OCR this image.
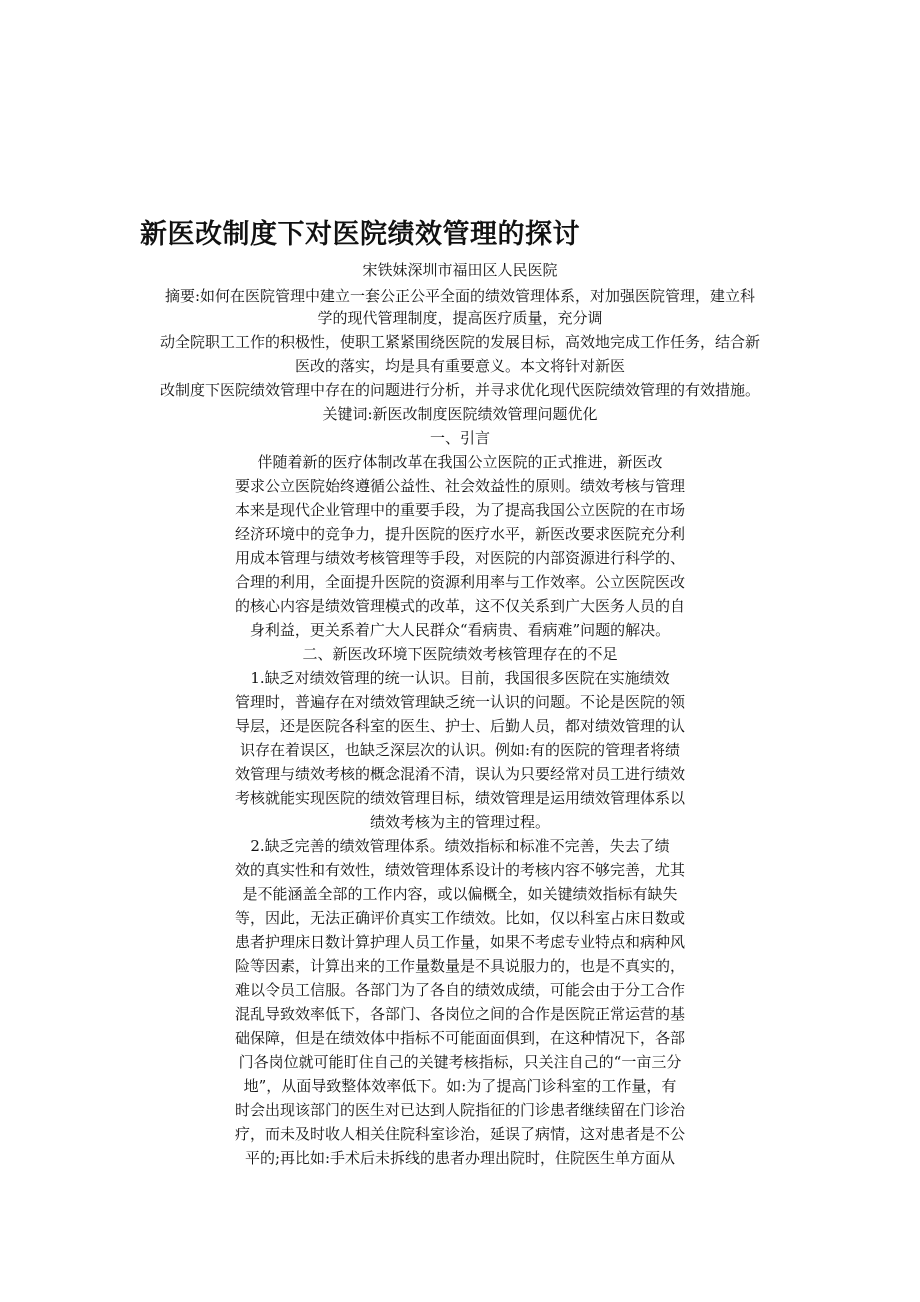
新医改制度下对医院绩效管理的探讨
宋铁妹深圳市福田区人民医院
摘要:如何在医院管理中建立一套公正公平全面的绩效管理体系，对加强医院管理，建立科
学的现代管理制度，提高医疗质量，充分调
动全院职工工作的积极性，使职工紧紧围绕医院的发展目标，高效地完成工作任务，结合新
医改的落实，均是具有重要意义。本文将针对新医
改制度下医院绩效管理中存在的问题进行分析，并寻求优化现代医院绩效管理的有效措施。
关键词:新医改制度医院绩效管理问题优化
一、引言
伴随着新的医疗体制改革在我国公立医院的正式推进，新医改
要求公立医院始终遵循公益性、社会效益性的原则。绩效考核与管理
本来是现代企业管理中的重要手段，为了提高我国公立医院的在市场
经济环境中的竞争力，提升医院的医疗水平，新医改要求医院充分利
用成本管理与绩效考核管理等手段，对医院的内部资源进行科学的、
合理的利用，全面提升医院的资源利用率与工作效率。公立医院医改
的核心内容是绩效管理模式的改革，这不仅关系到广大医务人员的自
身利益，更关系着广大人民群众“看病贵、看病难”问题的解决。
二、新医改环境下医院绩效考核管理存在的不足
1.缺乏对绩效管理的统一认识。目前，我国很多医院在实施绩效
管理时，普遍存在对绩效管理缺乏统一认识的问题。不论是医院的领
导层，还是医院各科室的医生、护士、后勤人员，都对绩效管理的认
识存在着误区，也缺乏深层次的认识。例如:有的医院的管理者将绩
效管理与绩效考核的概念混淆不清，误认为只要经常对员工进行绩效
考核就能实现医院的绩效管理目标，绩效管理是运用绩效管理体系以
绩效考核为主的管理过程。
2.缺乏完善的绩效管理体系。绩效指标和标准不完善，失去了绩
效的真实性和有效性，绩效管理体系设计的考核内容不够完善，尤其
是不能涵盖全部的工作内容，或以偏概全，如关键绩效指标有缺失
等，因此，无法正确评价真实工作绩效。比如，仅以科室占床日数或
患者护理床日数计算护理人员工作量，如果不考虑专业特点和病种风
险等因素，计算出来的工作量数量是不具说服力的，也是不真实的，
难以令员工信服。各部门为了各自的绩效成绩，可能会由于分工合作
混乱导致效率低下，各部门、各岗位之间的合作是医院正常运营的基
础保障，但是在绩效体中指标不可能面面俱到，在这种情况下，各部
门各岗位就可能盯住自己的关键考核指标，只关注自己的“一亩三分
地”，从面导致整体效率低下。如:为了提高门诊科室的工作量，有
时会出现该部门的医生对已达到人院指征的门诊患者继续留在门诊治
疗，而未及时收人相关住院科室诊治，延误了病情，这对患者是不公
平的;再比如:手术后未拆线的患者办理出院时，住院医生单方面从
